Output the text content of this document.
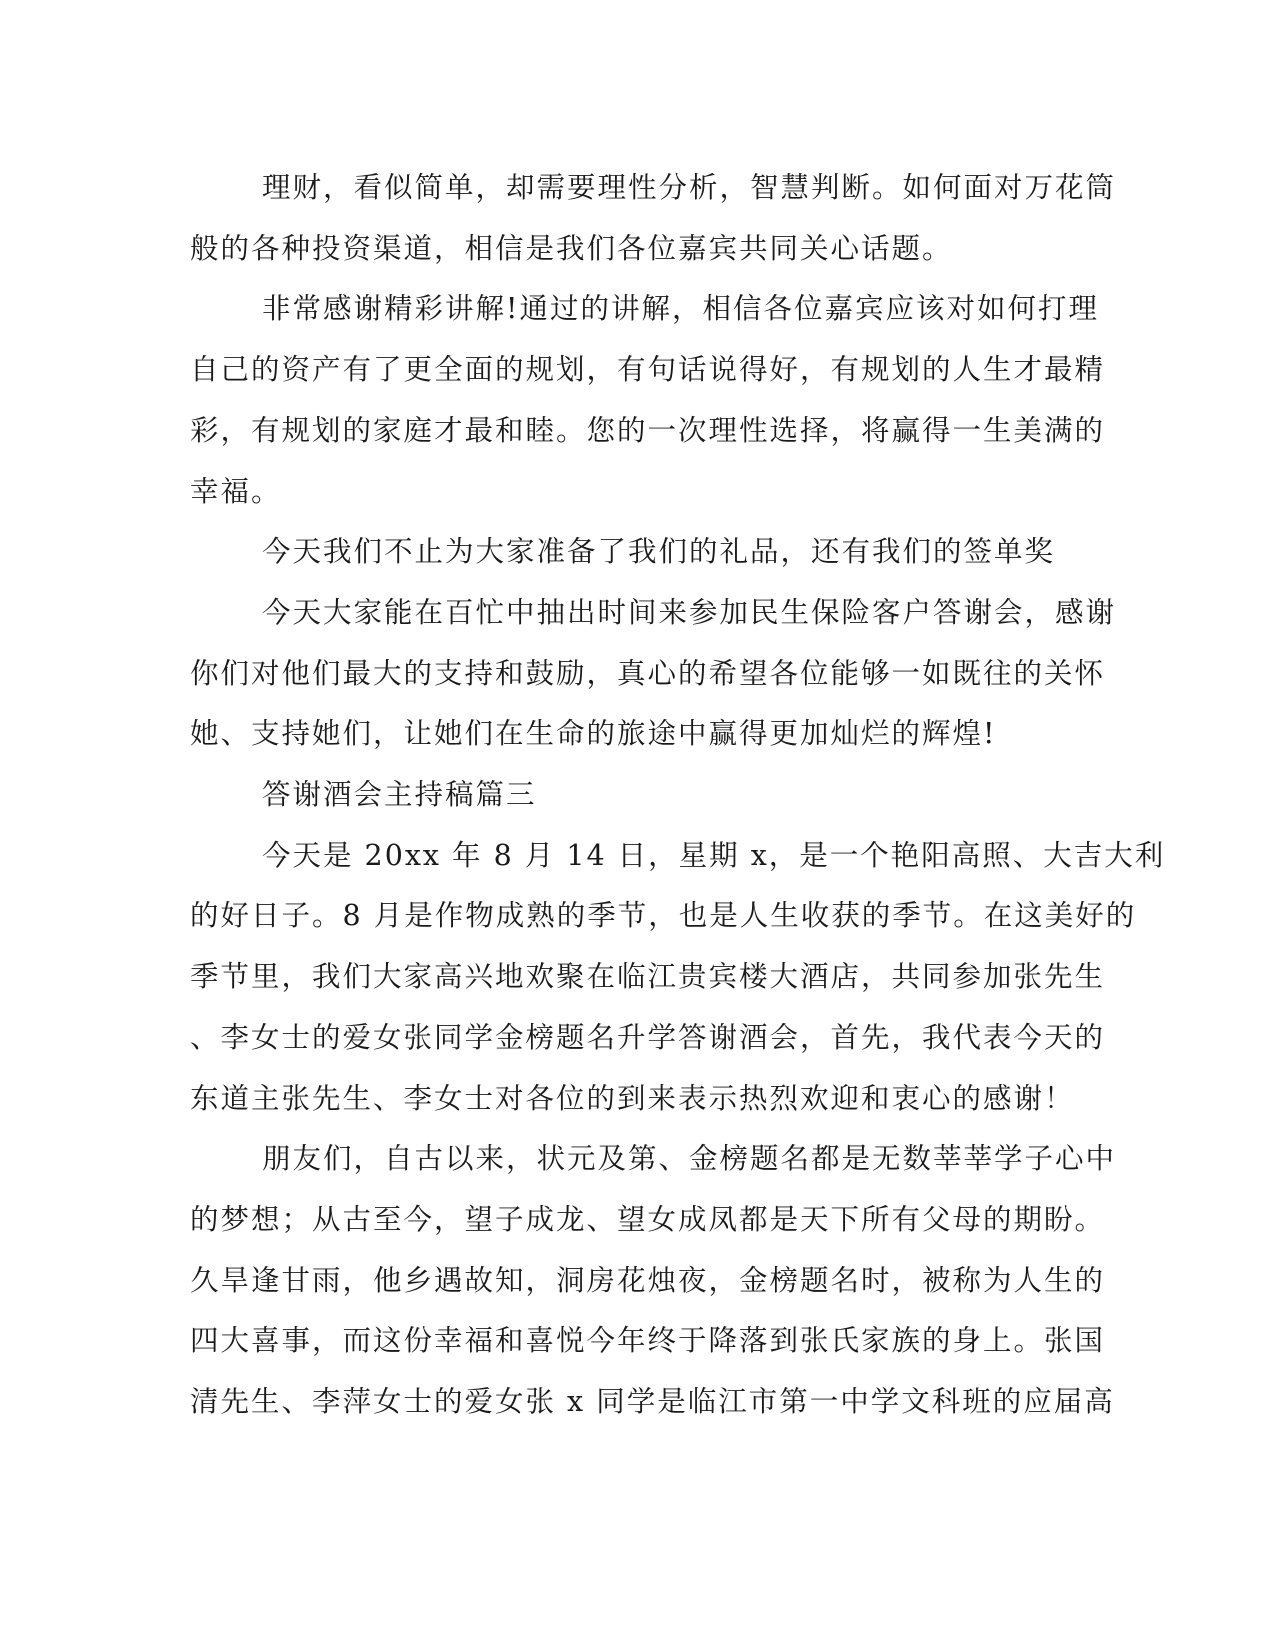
理财，看似简单，却需要理性分析，智慧判断。如何面对万花筒
般的各种投资渠道，相信是我们各位嘉宾共同关心话题。
非常感谢精彩讲解!通过的讲解，相信各位嘉宾应该对如何打理
自己的资产有了更全面的规划，有句话说得好，有规划的人生才最精
彩，有规划的家庭才最和睦。您的一次理性选择，将赢得一生美满的
幸福。
今天我们不止为大家准备了我们的礼品，还有我们的签单奖
今天大家能在百忙中抽出时间来参加民生保险客户答谢会，感谢
你们对他们最大的支持和鼓励，真心的希望各位能够一如既往的关怀
她、支持她们，让她们在生命的旅途中赢得更加灿烂的辉煌!
答谢酒会主持稿篇三
今天是 20xx 年 8 月 14 日，星期 x，是一个艳阳高照、大吉大利
的好日子。8 月是作物成熟的季节，也是人生收获的季节。在这美好的
季节里，我们大家高兴地欢聚在临江贵宾楼大酒店，共同参加张先生
、李女士的爱女张同学金榜题名升学答谢酒会，首先，我代表今天的
东道主张先生、李女士对各位的到来表示热烈欢迎和衷心的感谢！
朋友们，自古以来，状元及第、金榜题名都是无数莘莘学子心中
的梦想；从古至今，望子成龙、望女成凤都是天下所有父母的期盼。
久旱逢甘雨，他乡遇故知，洞房花烛夜，金榜题名时，被称为人生的
四大喜事，而这份幸福和喜悦今年终于降落到张氏家族的身上。张国
清先生、李萍女士的爱女张 x 同学是临江市第一中学文科班的应届高
